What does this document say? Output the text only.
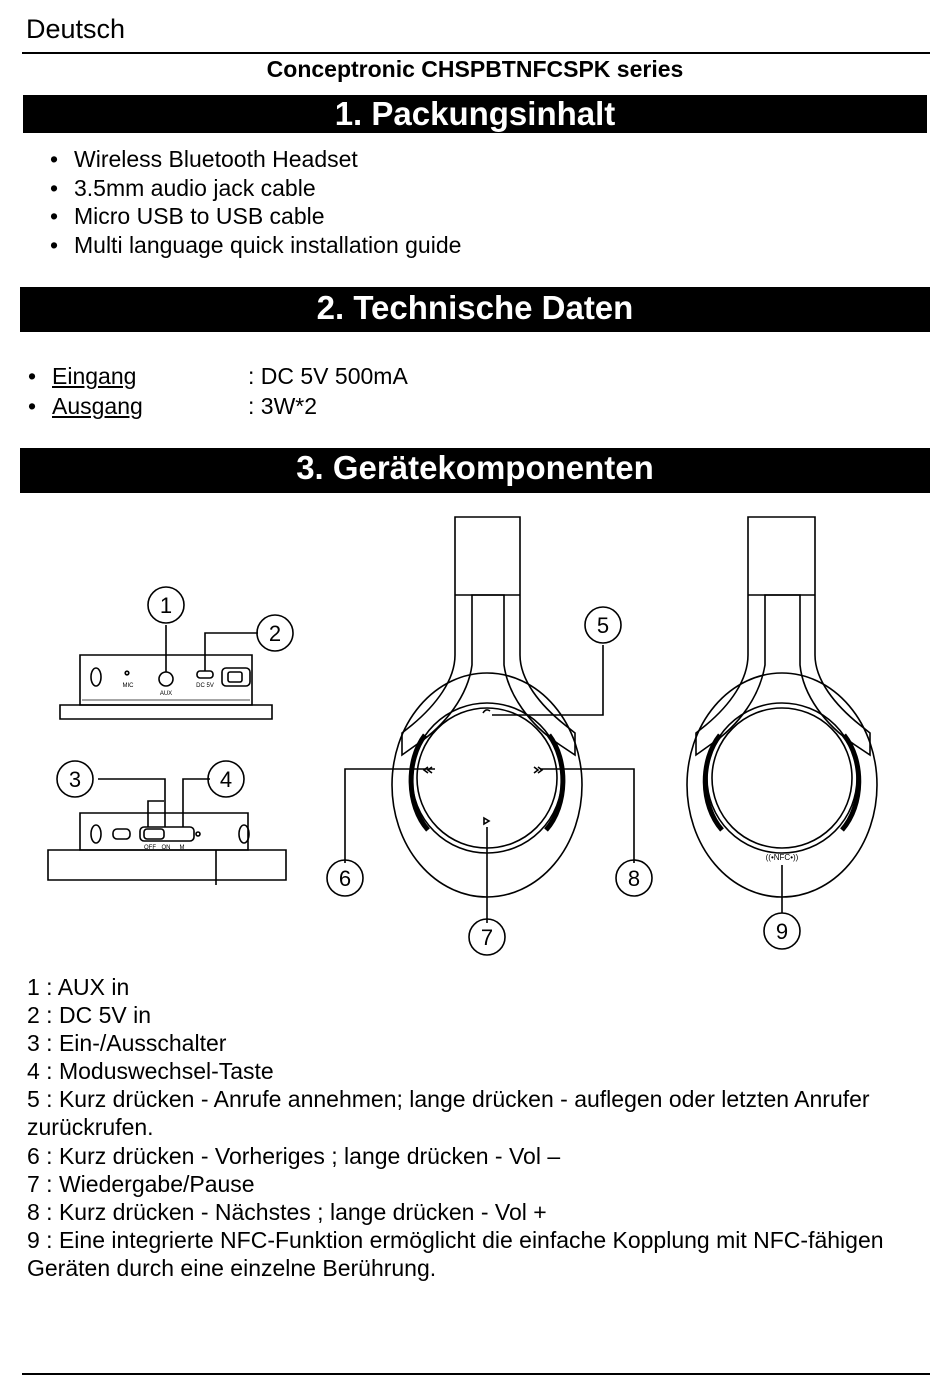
Deutsch
Conceptronic CHSPBTNFCSPK series
1. Packungsinhalt
• Wireless Bluetooth Headset
• 3.5mm audio jack cable
• Micro USB to USB cable
• Multi language quick installation guide
2. Technische Daten
• Eingang	: DC 5V 500mA
• Ausgang	: 3W*2
3. Gerätekomponenten
1
2
3	4
5
6
7
8
9
MIC
AUX
DC 5V
OFF ON M
((•NFC•))
1 : AUX in
2 : DC 5V in
3 : Ein-/Ausschalter
4 : Moduswechsel-Taste
5 : Kurz drücken - Anrufe annehmen; lange drücken - auflegen oder letzten Anrufer zurückrufen.
6 : Kurz drücken - Vorheriges ; lange drücken - Vol –
7 : Wiedergabe/Pause
8 : Kurz drücken - Nächstes ; lange drücken - Vol +
9 : Eine integrierte NFC-Funktion ermöglicht die einfache Kopplung mit NFC-fähigen Geräten durch eine einzelne Berührung.
